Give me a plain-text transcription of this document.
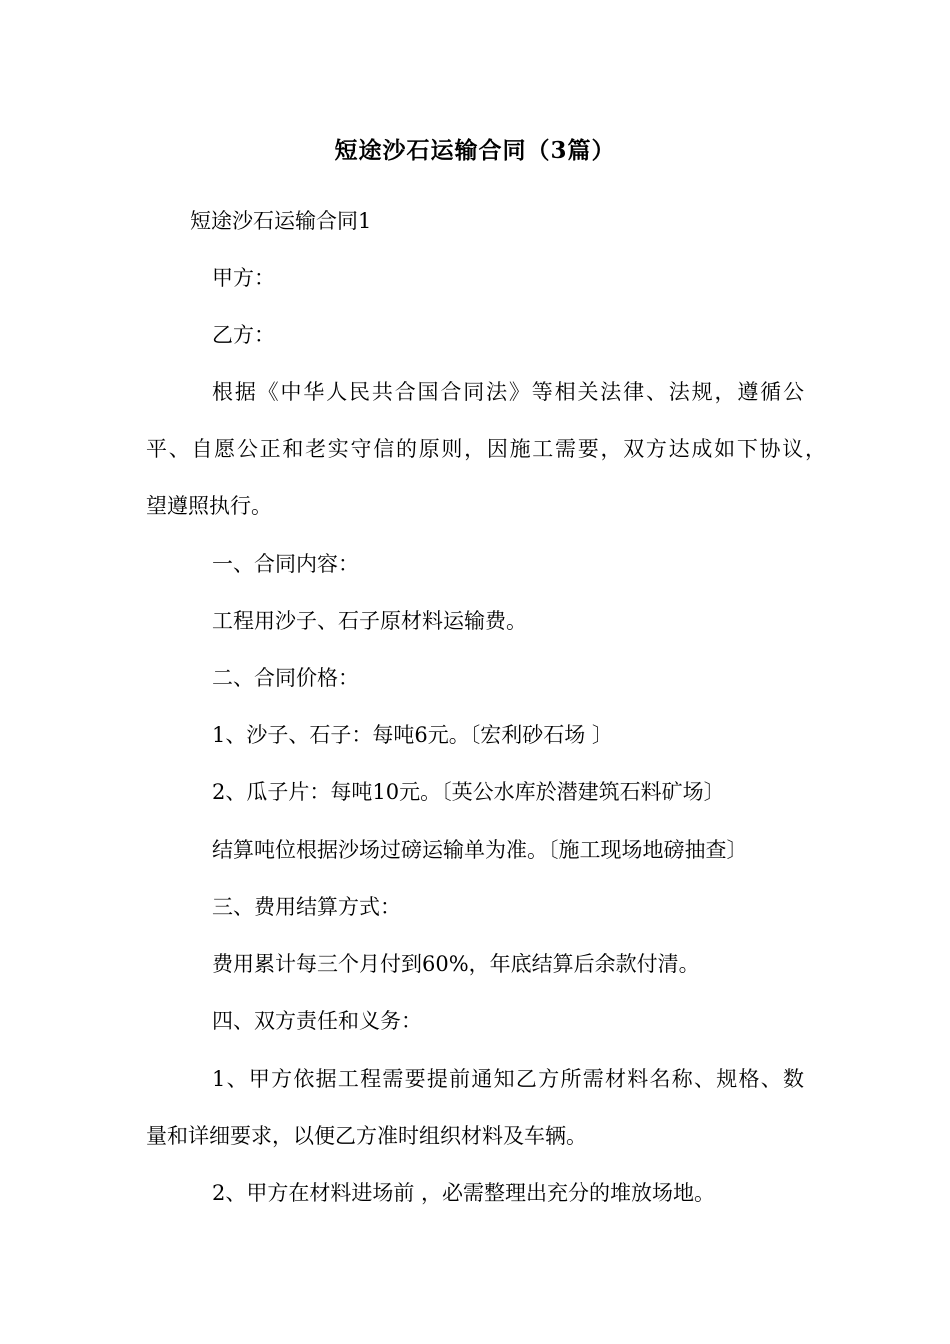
短途沙石运输合同（3篇）
短途沙石运输合同1
甲方：
乙方：
根据《中华人民共合国合同法》等相关法律、法规，遵循公
平、自愿公正和老实守信的原则，因施工需要，双方达成如下协议，
望遵照执行。
一、合同内容：
工程用沙子、石子原材料运输费。
二、合同价格：
1、沙子、石子：每吨6元。〔宏利砂石场 〕
2、瓜子片：每吨10元。〔英公水库於潜建筑石料矿场〕
结算吨位根据沙场过磅运输单为准。〔施工现场地磅抽查〕
三、费用结算方式：
费用累计每三个月付到60%，年底结算后余款付清。
四、双方责任和义务：
1、甲方依据工程需要提前通知乙方所需材料名称、规格、数
量和详细要求，以便乙方准时组织材料及车辆。
2、甲方在材料进场前 ，必需整理出充分的堆放场地。
